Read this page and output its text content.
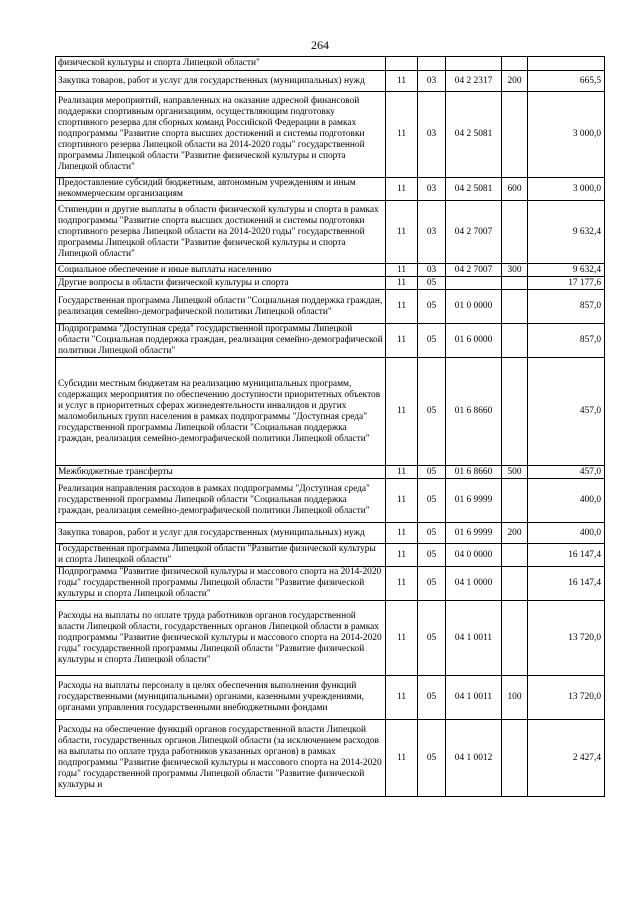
264
физической культуры и спорта Липецкой области"					
Закупка товаров, работ и услуг для государственных (муниципальных) нужд	11	03	04 2 2317	200	665,5
Реализация мероприятий, направленных на оказание адресной финансовой поддержки спортивным организациям, осуществляющим подготовку спортивного резерва для сборных команд Российской Федерации в рамках подпрограммы "Развитие спорта высших достижений и системы подготовки спортивного резерва Липецкой области на 2014-2020 годы" государственной программы Липецкой области "Развитие физической культуры и спорта Липецкой области"	11	03	04 2 5081		3 000,0
Предоставление субсидий бюджетным, автономным учреждениям и иным некоммерческим организациям	11	03	04 2 5081	600	3 000,0
Стипендии и другие выплаты в области физической культуры и спорта в рамках подпрограммы "Развитие спорта высших достижений и системы подготовки спортивного резерва Липецкой области на 2014-2020 годы" государственной программы Липецкой области "Развитие физической культуры и спорта Липецкой области"	11	03	04 2 7007		9 632,4
Социальное обеспечение и иные выплаты населению	11	03	04 2 7007	300	9 632,4
Другие вопросы в области физической культуры и спорта	11	05			17 177,6
Государственная программа Липецкой области "Социальная поддержка граждан, реализация семейно-демографической политики Липецкой области"	11	05	01 0 0000		857,0
Подпрограмма "Доступная среда" государственной программы Липецкой области "Социальная поддержка граждан, реализация семейно-демографической политики Липецкой области"	11	05	01 6 0000		857,0
Субсидии местным бюджетам на реализацию муниципальных программ, содержащих мероприятия по обеспечению доступности приоритетных объектов и услуг в приоритетных сферах жизнедеятельности инвалидов и других маломобильных групп населения в рамках подпрограммы "Доступная среда" государственной программы Липецкой области "Социальная поддержка граждан, реализация семейно-демографической политики Липецкой области"	11	05	01 6 8660		457,0
Межбюджетные трансферты	11	05	01 6 8660	500	457,0
Реализация направления расходов в рамках подпрограммы "Доступная среда" государственной программы Липецкой области "Социальная поддержка граждан, реализация семейно-демографической политики Липецкой области"	11	05	01 6 9999		400,0
Закупка товаров, работ и услуг для государственных (муниципальных) нужд	11	05	01 6 9999	200	400,0
Государственная программа Липецкой области "Развитие физической культуры и спорта Липецкой области"	11	05	04 0 0000		16 147,4
Подпрограмма "Развитие физической культуры и массового спорта на 2014-2020 годы" государственной программы Липецкой области "Развитие физической культуры и спорта Липецкой области"	11	05	04 1 0000		16 147,4
Расходы на выплаты по оплате труда работников органов государственной власти Липецкой области, государственных органов Липецкой области в рамках подпрограммы "Развитие физической культуры и массового спорта на 2014-2020 годы" государственной программы Липецкой области "Развитие физической культуры и спорта Липецкой области"	11	05	04 1 0011		13 720,0
Расходы на выплаты персоналу в целях обеспечения выполнения функций государственными (муниципальными) органами, казенными учреждениями, органами управления государственными внебюджетными фондами	11	05	04 1 0011	100	13 720,0
Расходы на обеспечение функций органов государственной власти Липецкой области, государственных органов Липецкой области (за исключением расходов на выплаты по оплате труда работников указанных органов) в рамках подпрограммы "Развитие физической культуры и массового спорта на 2014-2020 годы" государственной программы Липецкой области "Развитие физической культуры и	11	05	04 1 0012		2 427,4
